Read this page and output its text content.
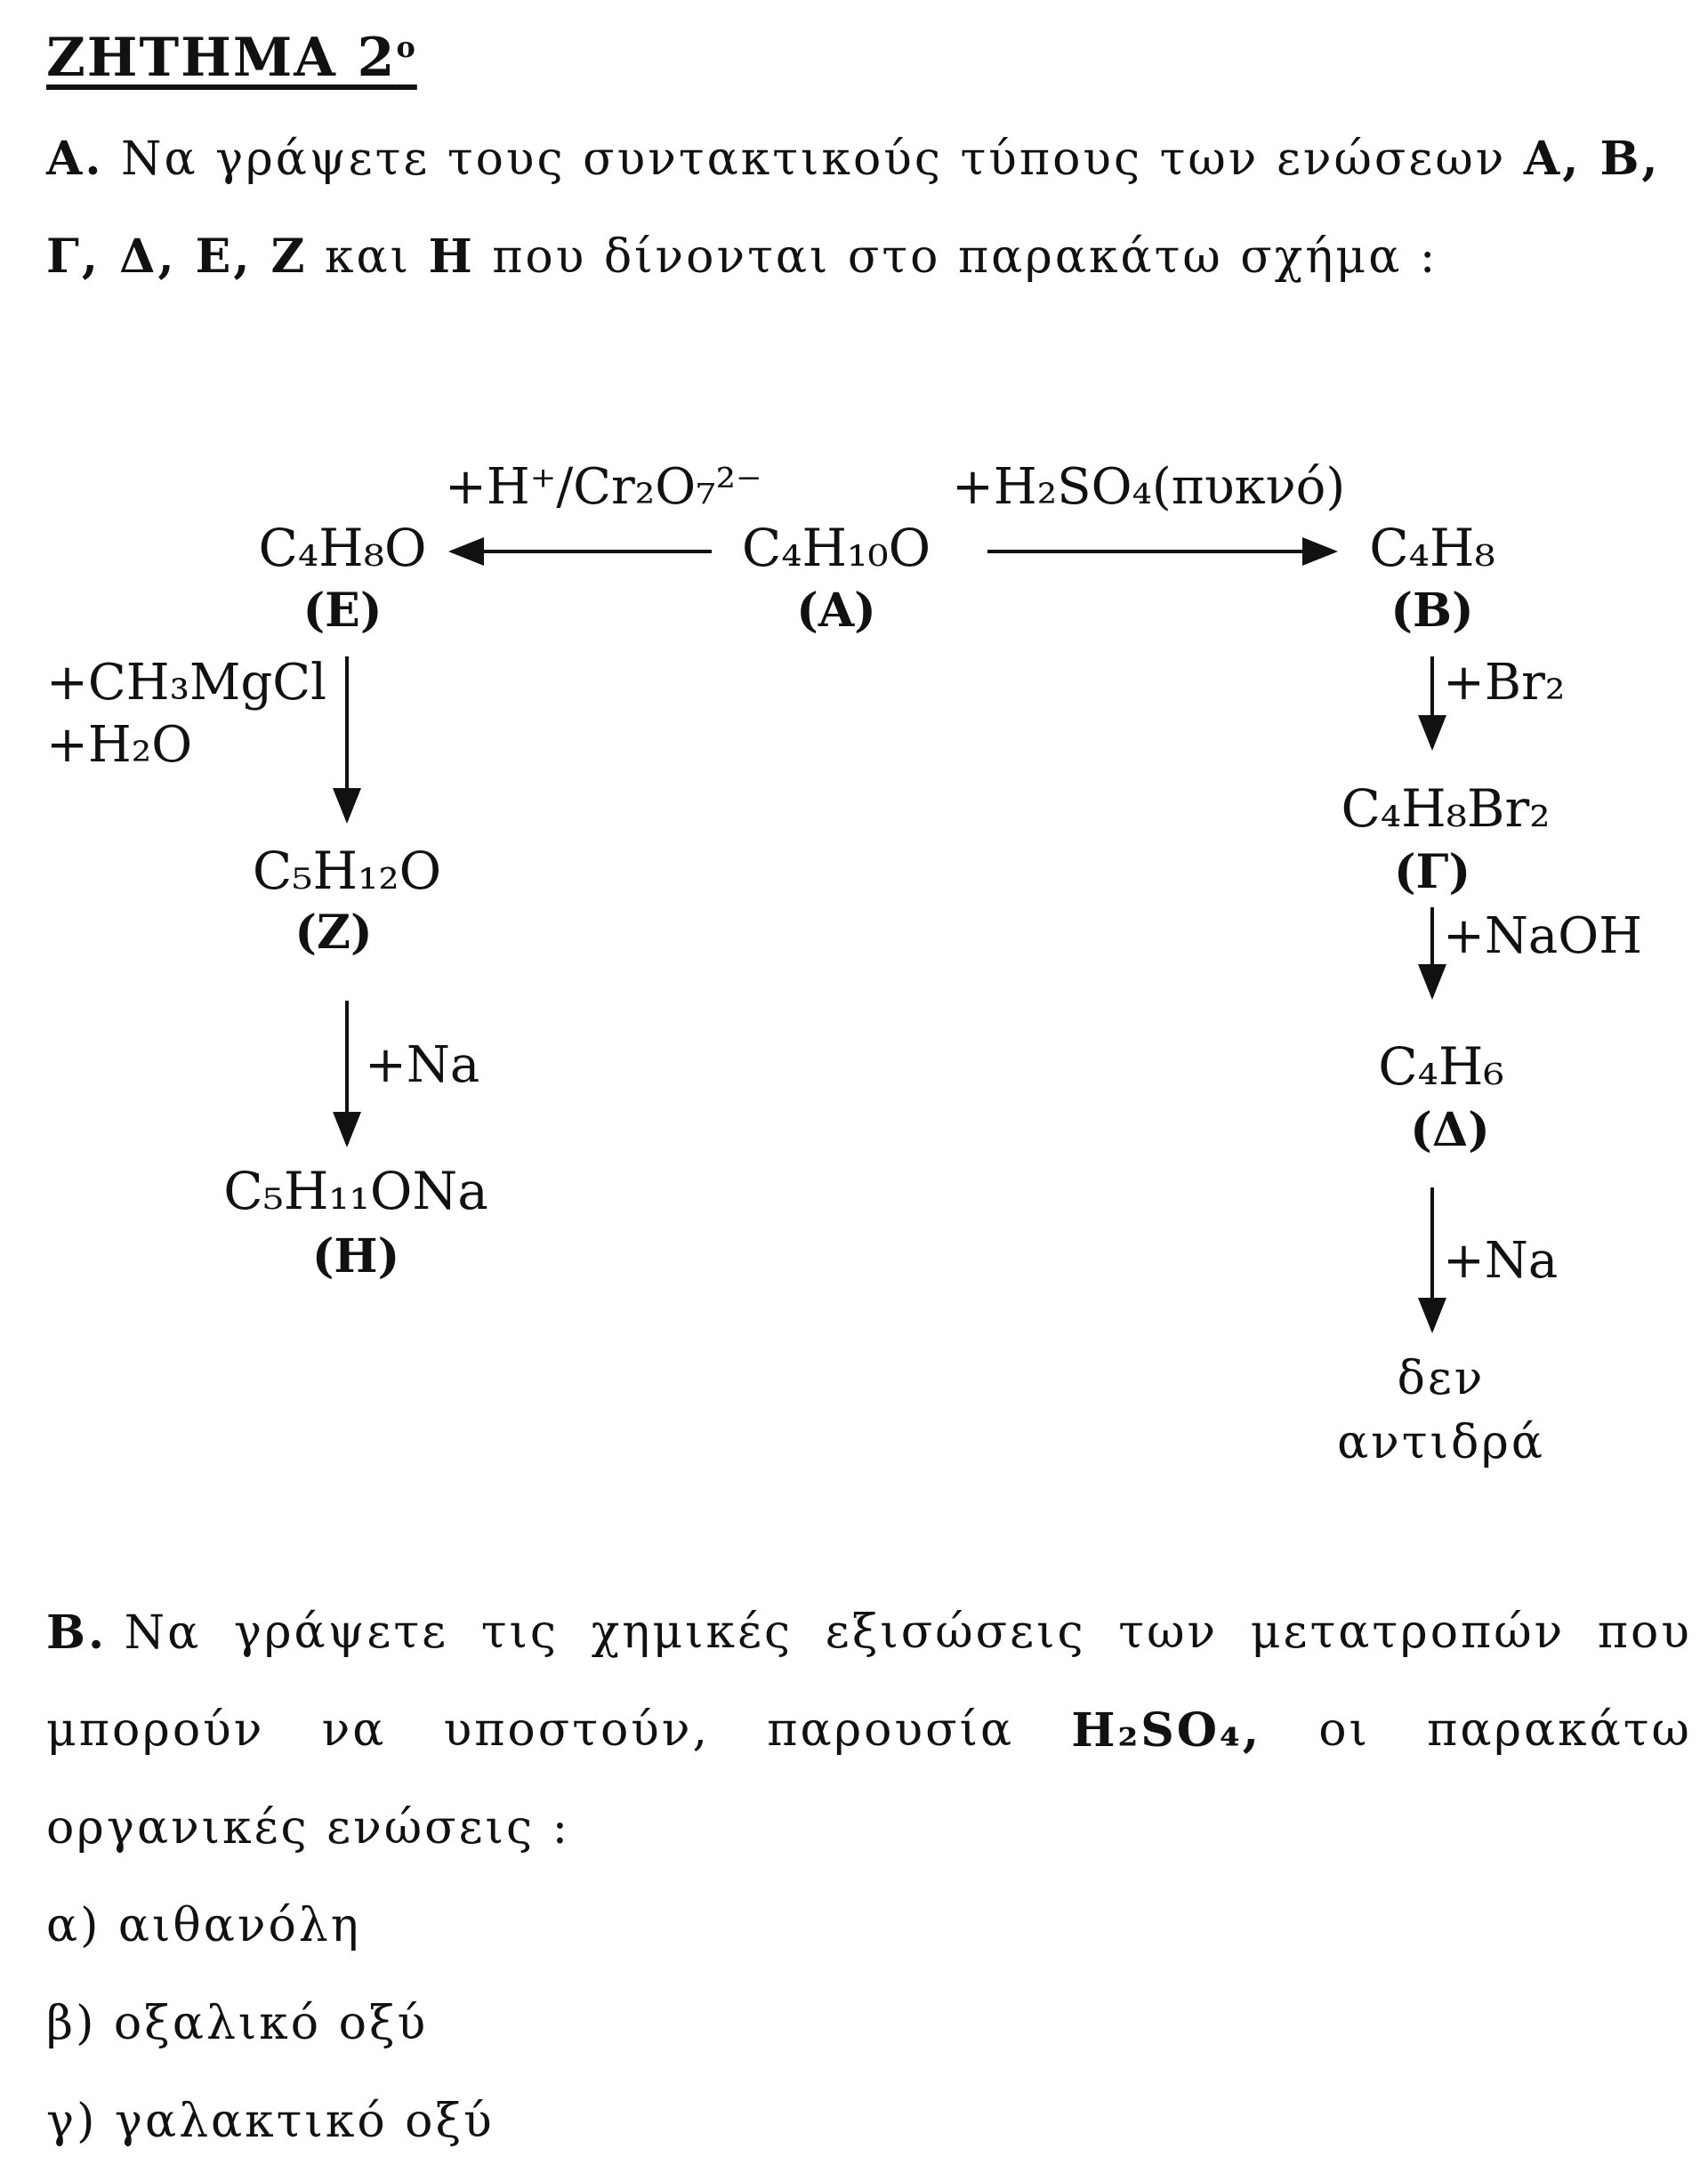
ΖΗΤΗΜΑ $2^o$
Α. Να γράψετε τους συντακτικούς τύπους των ενώσεων Α, Β,
Γ, Δ, Ε, Ζ και Η που δίνονται στο παρακάτω σχήμα :
+H⁺/Cr₂O₇²⁻	+H₂SO₄(πυκνό)
C₄H₁₀O
(Α)
C₄H₈O
(Ε)
C₄H₈
(Β)
+CH₃MgCl
+H₂O
C₅H₁₂O
(Ζ)
+Na
C₅H₁₁ONa
(Η)
+Br₂
C₄H₈Br₂
(Γ)
+NaOH
C₄H₆
(Δ)
+Na
δεν
αντιδρά
Β. Να γράψετε τις χημικές εξισώσεις των μετατροπών που
μπορούν να υποστούν, παρουσία H₂SO₄, οι παρακάτω
οργανικές ενώσεις :
α) αιθανόλη
β) οξαλικό οξύ
γ) γαλακτικό οξύ
